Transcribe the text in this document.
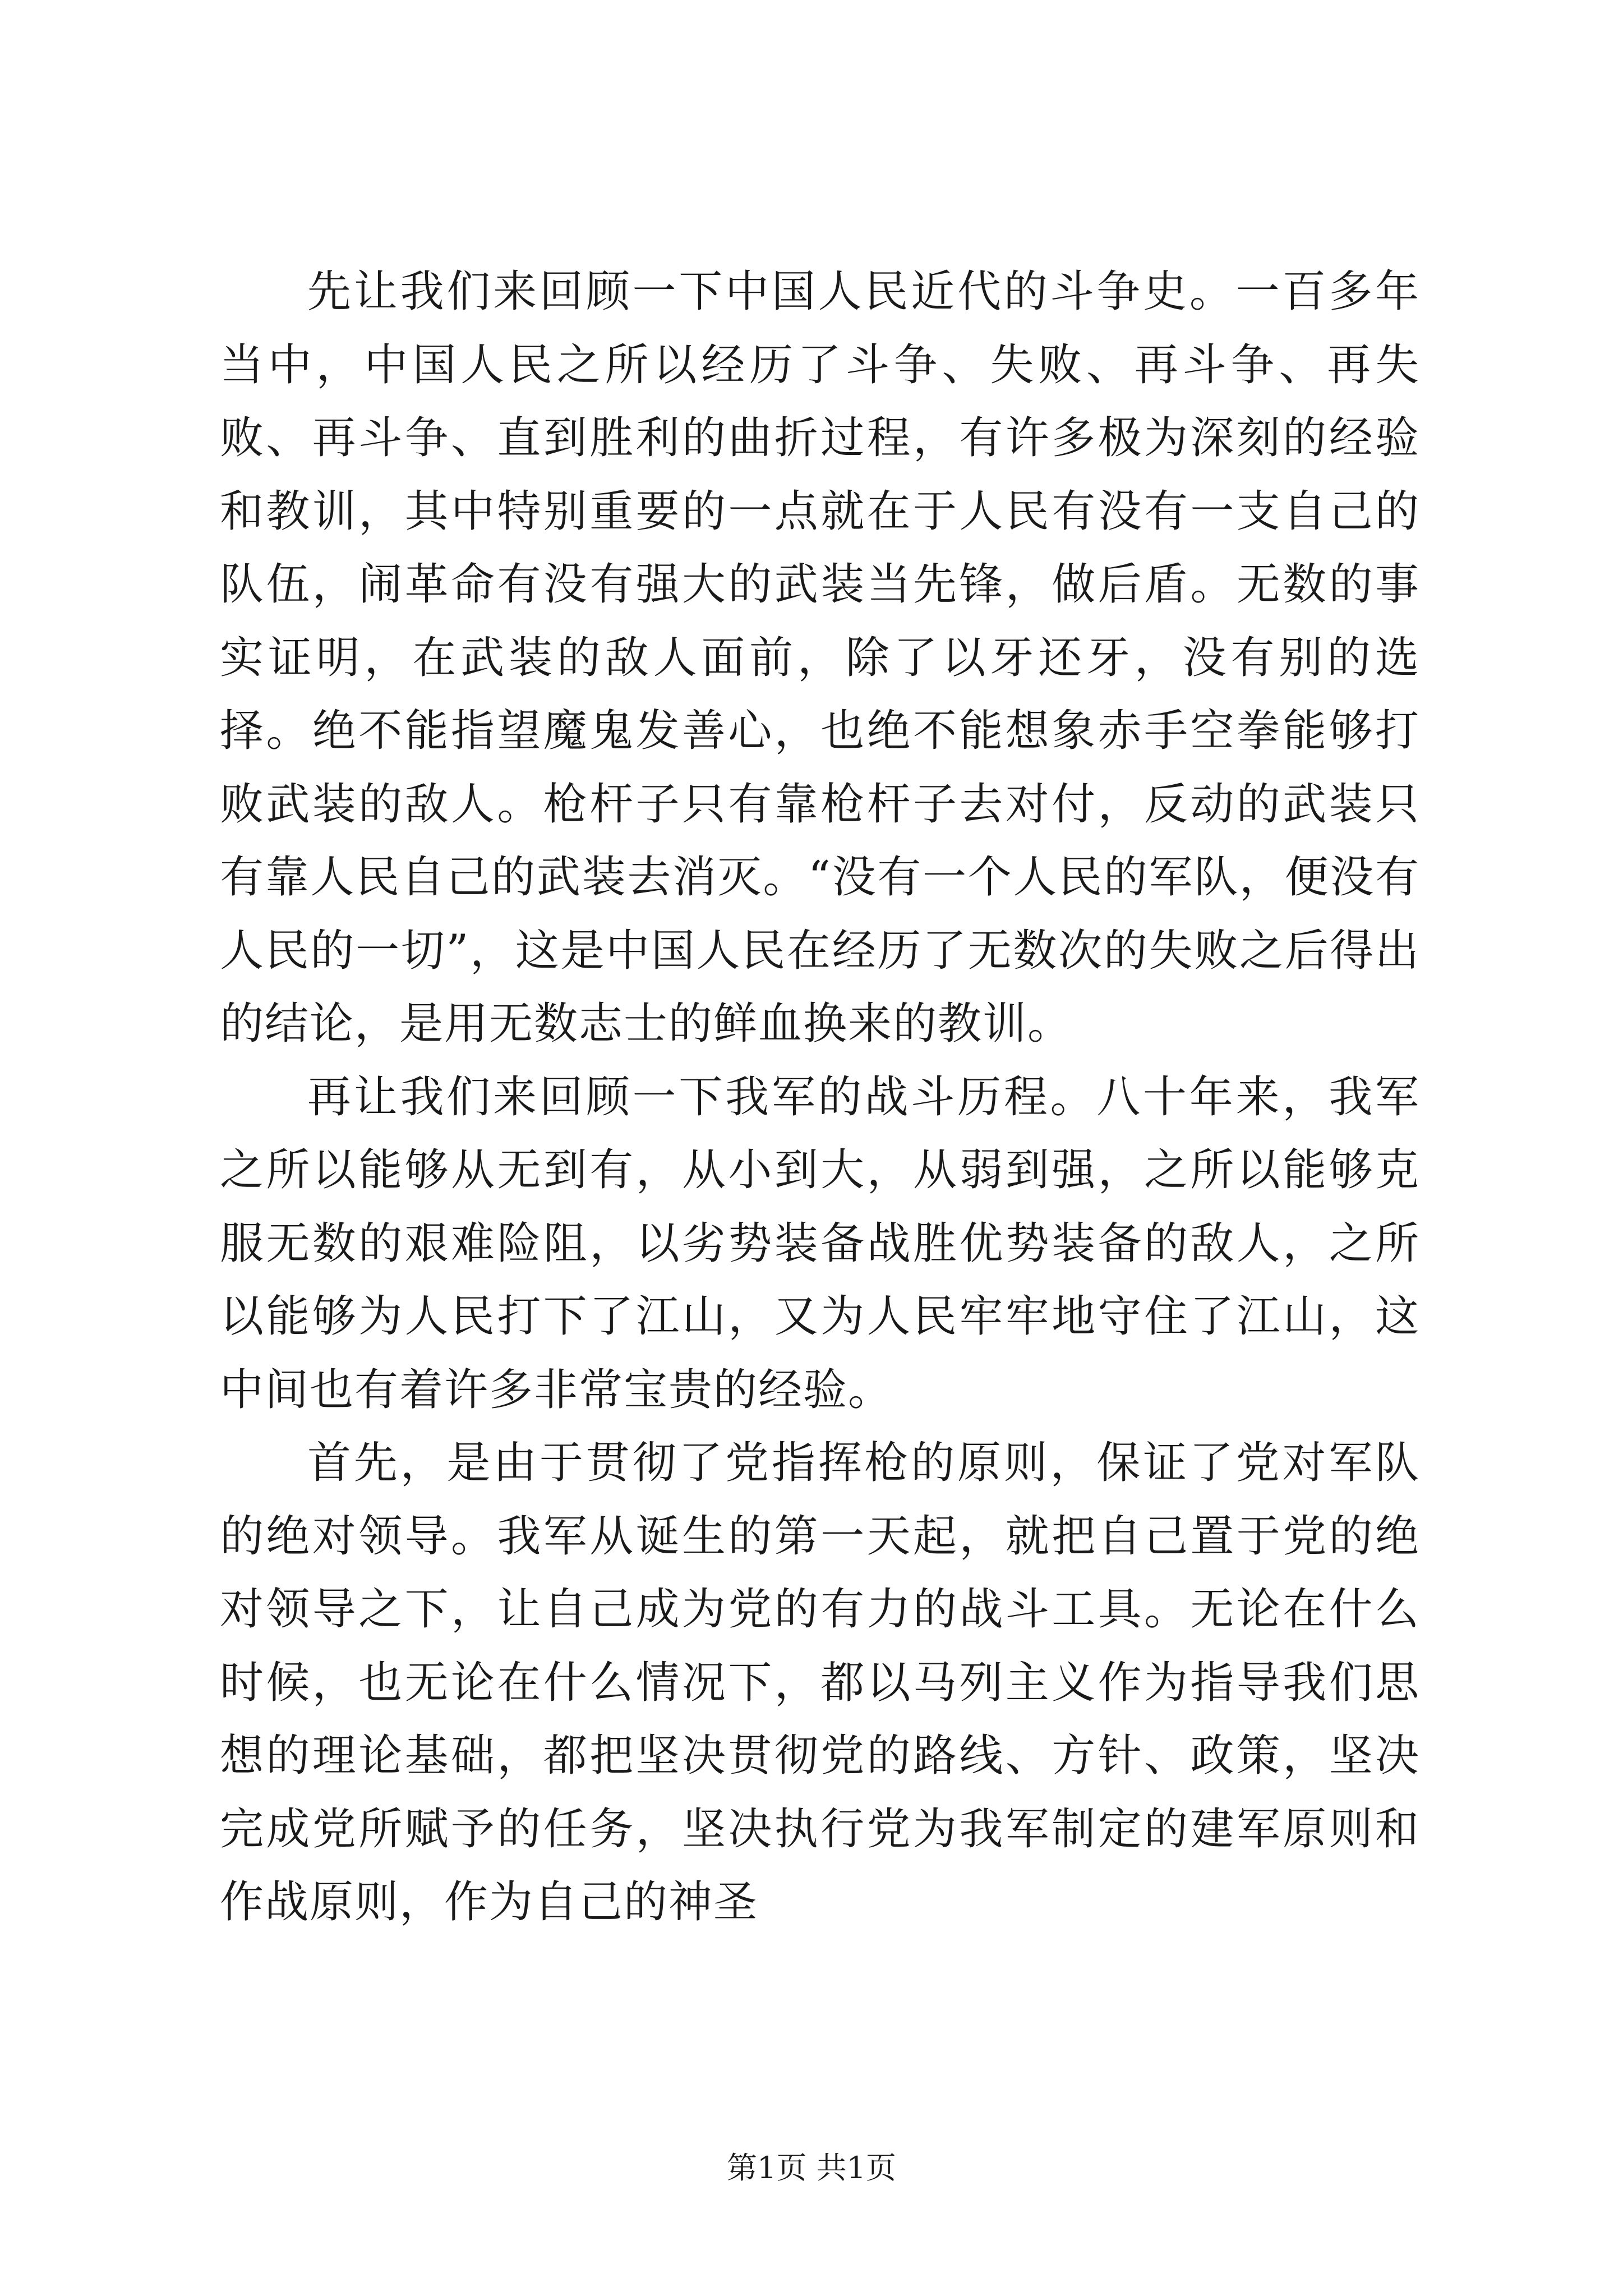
先让我们来回顾一下中国人民近代的斗争史。一百多年当中，中国人民之所以经历了斗争、失败、再斗争、再失败、再斗争、直到胜利的曲折过程，有许多极为深刻的经验和教训，其中特别重要的一点就在于人民有没有一支自己的队伍，闹革命有没有强大的武装当先锋，做后盾。无数的事实证明，在武装的敌人面前，除了以牙还牙，没有别的选择。绝不能指望魔鬼发善心，也绝不能想象赤手空拳能够打败武装的敌人。枪杆子只有靠枪杆子去对付，反动的武装只有靠人民自己的武装去消灭。“没有一个人民的军队，便没有人民的一切”，这是中国人民在经历了无数次的失败之后得出的结论，是用无数志士的鲜血换来的教训。

再让我们来回顾一下我军的战斗历程。八十年来，我军之所以能够从无到有，从小到大，从弱到强，之所以能够克服无数的艰难险阻，以劣势装备战胜优势装备的敌人，之所以能够为人民打下了江山，又为人民牢牢地守住了江山，这中间也有着许多非常宝贵的经验。

首先，是由于贯彻了党指挥枪的原则，保证了党对军队的绝对领导。我军从诞生的第一天起，就把自己置于党的绝对领导之下，让自己成为党的有力的战斗工具。无论在什么时候，也无论在什么情况下，都以马列主义作为指导我们思想的理论基础，都把坚决贯彻党的路线、方针、政策，坚决完成党所赋予的任务，坚决执行党为我军制定的建军原则和作战原则，作为自己的神圣

第1页 共1页
